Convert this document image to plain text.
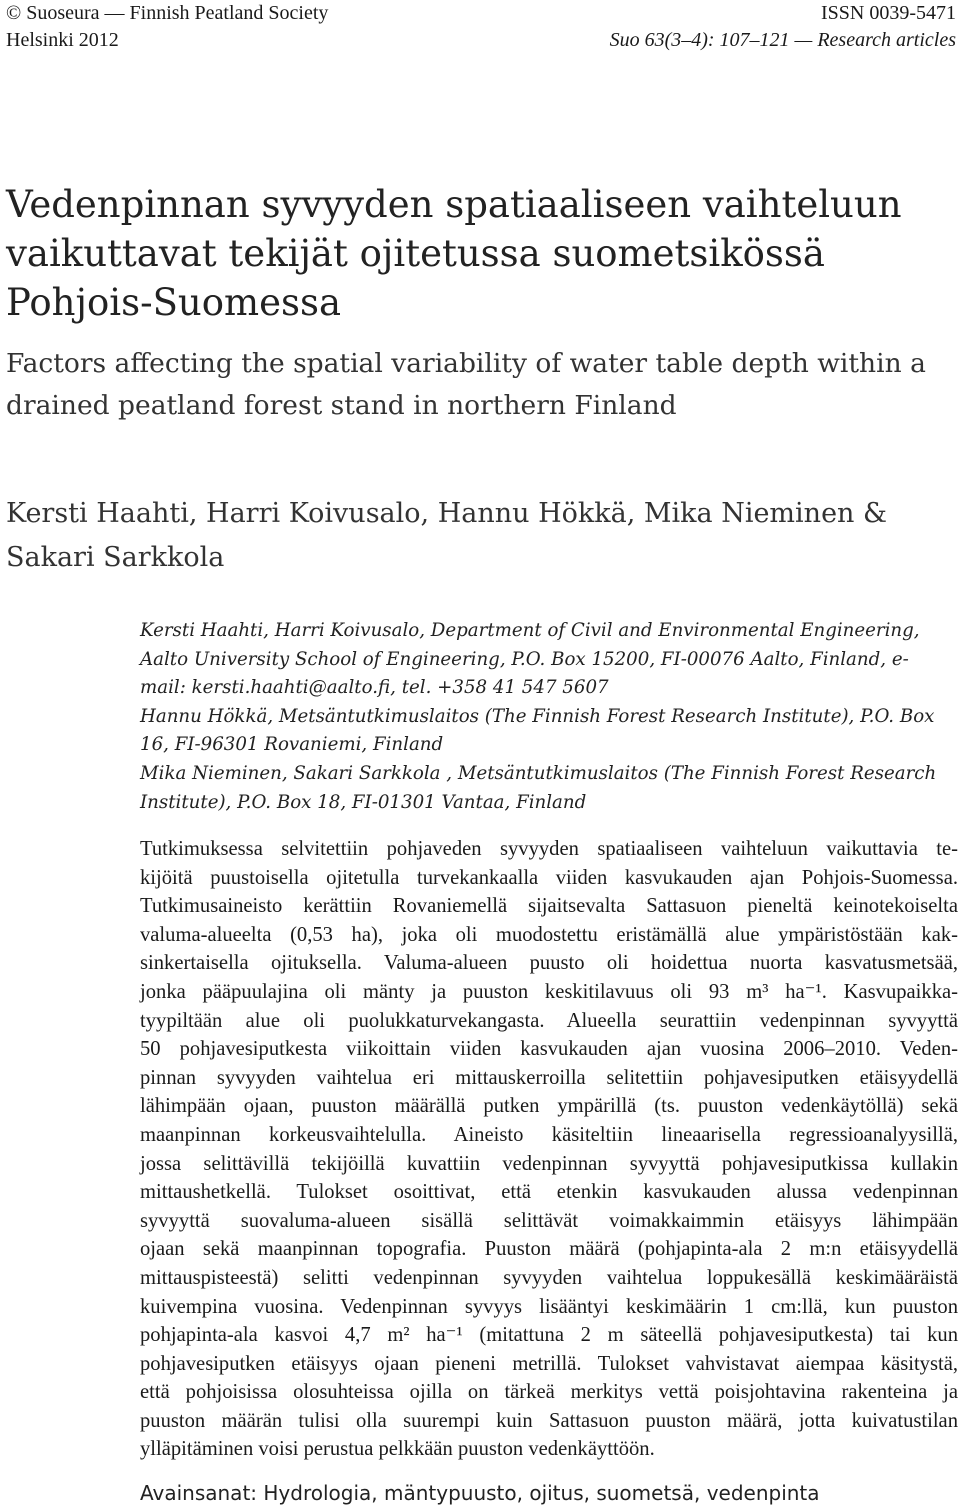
© Suoseura — Finnish Peatland Society
Helsinki 2012
ISSN 0039-5471
Suo 63(3–4): 107–121 — Research articles
Vedenpinnan syvyyden spatiaaliseen vaihteluun
vaikuttavat tekijät ojitetussa suometsikössä
Pohjois-Suomessa
Factors affecting the spatial variability of water table depth within a
drained peatland forest stand in northern Finland
Kersti Haahti, Harri Koivusalo, Hannu Hökkä, Mika Nieminen &
Sakari Sarkkola
Kersti Haahti, Harri Koivusalo, Department of Civil and Environmental Engineering,
Aalto University School of Engineering, P.O. Box 15200, FI-00076 Aalto, Finland, e-
mail: kersti.haahti@aalto.fi, tel. +358 41 547 5607
Hannu Hökkä, Metsäntutkimuslaitos (The Finnish Forest Research Institute), P.O. Box
16, FI-96301 Rovaniemi, Finland
Mika Nieminen, Sakari Sarkkola , Metsäntutkimuslaitos (The Finnish Forest Research
Institute), P.O. Box 18, FI-01301 Vantaa, Finland
Tutkimuksessa selvitettiin pohjaveden syvyyden spatiaaliseen vaihteluun vaikuttavia te-
kijöitä puustoisella ojitetulla turvekankaalla viiden kasvukauden ajan Pohjois-Suomessa.
Tutkimusaineisto kerättiin Rovaniemellä sijaitsevalta Sattasuon pieneltä keinotekoiselta
valuma-alueelta (0,53 ha), joka oli muodostettu eristämällä alue ympäristöstään kak-
sinkertaisella ojituksella. Valuma-alueen puusto oli hoidettua nuorta kasvatusmetsää,
jonka pääpuulajina oli mänty ja puuston keskitilavuus oli 93 m³ ha⁻¹. Kasvupaikka-
tyypiltään alue oli puolukkaturvekangasta. Alueella seurattiin vedenpinnan syvyyttä
50 pohjavesiputkesta viikoittain viiden kasvukauden ajan vuosina 2006–2010. Veden-
pinnan syvyyden vaihtelua eri mittauskerroilla selitettiin pohjavesiputken etäisyydellä
lähimpään ojaan, puuston määrällä putken ympärillä (ts. puuston vedenkäytöllä) sekä
maanpinnan korkeusvaihtelulla. Aineisto käsiteltiin lineaarisella regressioanalyysillä,
jossa selittävillä tekijöillä kuvattiin vedenpinnan syvyyttä pohjavesiputkissa kullakin
mittaushetkellä. Tulokset osoittivat, että etenkin kasvukauden alussa vedenpinnan
syvyyttä suovaluma-alueen sisällä selittävät voimakkaimmin etäisyys lähimpään
ojaan sekä maanpinnan topografia. Puuston määrä (pohjapinta-ala 2 m:n etäisyydellä
mittauspisteestä) selitti vedenpinnan syvyyden vaihtelua loppukesällä keskimääräistä
kuivempina vuosina. Vedenpinnan syvyys lisääntyi keskimäärin 1 cm:llä, kun puuston
pohjapinta-ala kasvoi 4,7 m² ha⁻¹ (mitattuna 2 m säteellä pohjavesiputkesta) tai kun
pohjavesiputken etäisyys ojaan pieneni metrillä. Tulokset vahvistavat aiempaa käsitystä,
että pohjoisissa olosuhteissa ojilla on tärkeä merkitys vettä poisjohtavina rakenteina ja
puuston määrän tulisi olla suurempi kuin Sattasuon puuston määrä, jotta kuivatustilan
ylläpitäminen voisi perustua pelkkään puuston vedenkäyttöön.
Avainsanat: Hydrologia, mäntypuusto, ojitus, suometsä, vedenpinta
